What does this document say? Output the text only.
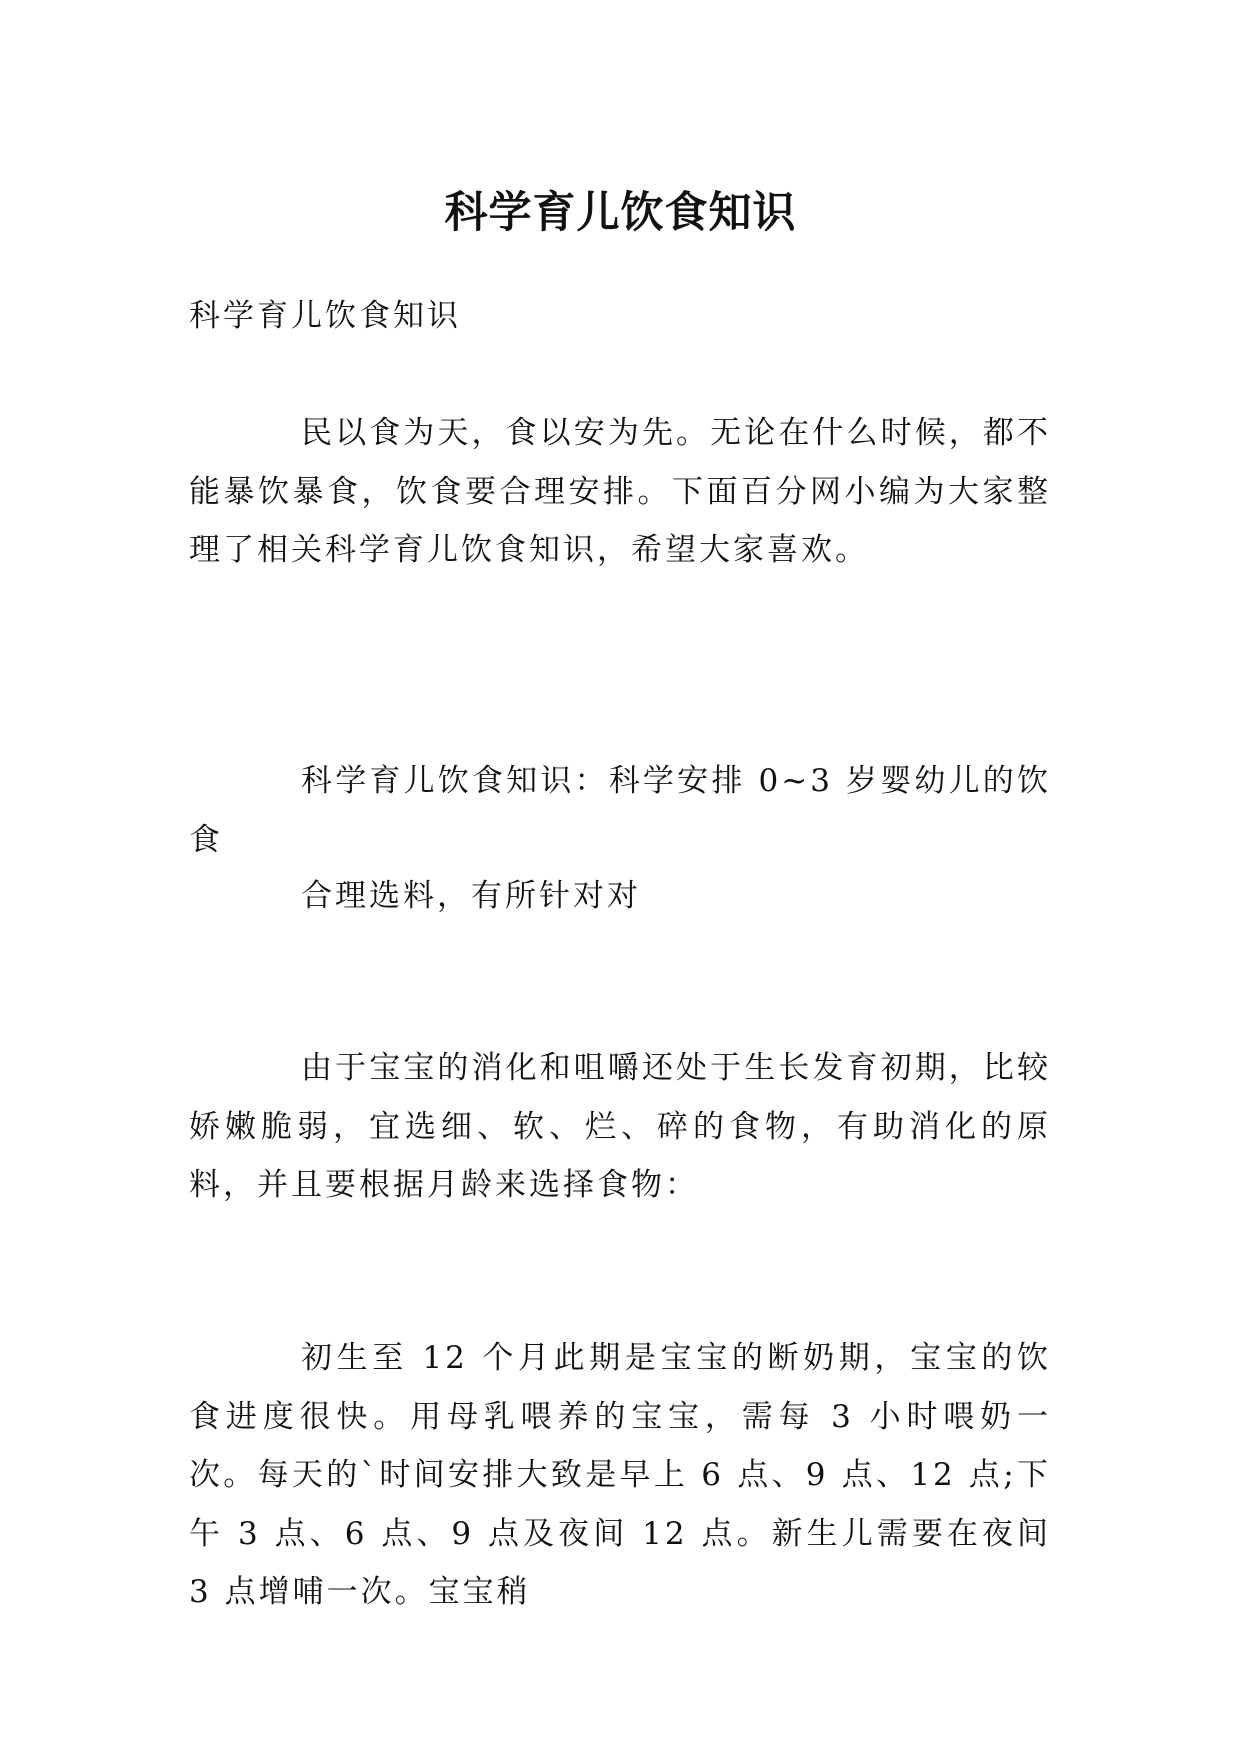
科学育儿饮食知识

科学育儿饮食知识

民以食为天，食以安为先。无论在什么时候，都不能暴饮暴食，饮食要合理安排。下面百分网小编为大家整理了相关科学育儿饮食知识，希望大家喜欢。

科学育儿饮食知识：科学安排 0~3 岁婴幼儿的饮食

合理选料，有所针对对

由于宝宝的消化和咀嚼还处于生长发育初期，比较娇嫩脆弱，宜选细、软、烂、碎的食物，有助消化的原料，并且要根据月龄来选择食物：

初生至 12 个月此期是宝宝的断奶期，宝宝的饮食进度很快。用母乳喂养的宝宝，需每 3 小时喂奶一次。每天的`时间安排大致是早上 6 点、9 点、12 点;下午 3 点、6 点、9 点及夜间 12 点。新生儿需要在夜间 3 点增哺一次。宝宝稍
